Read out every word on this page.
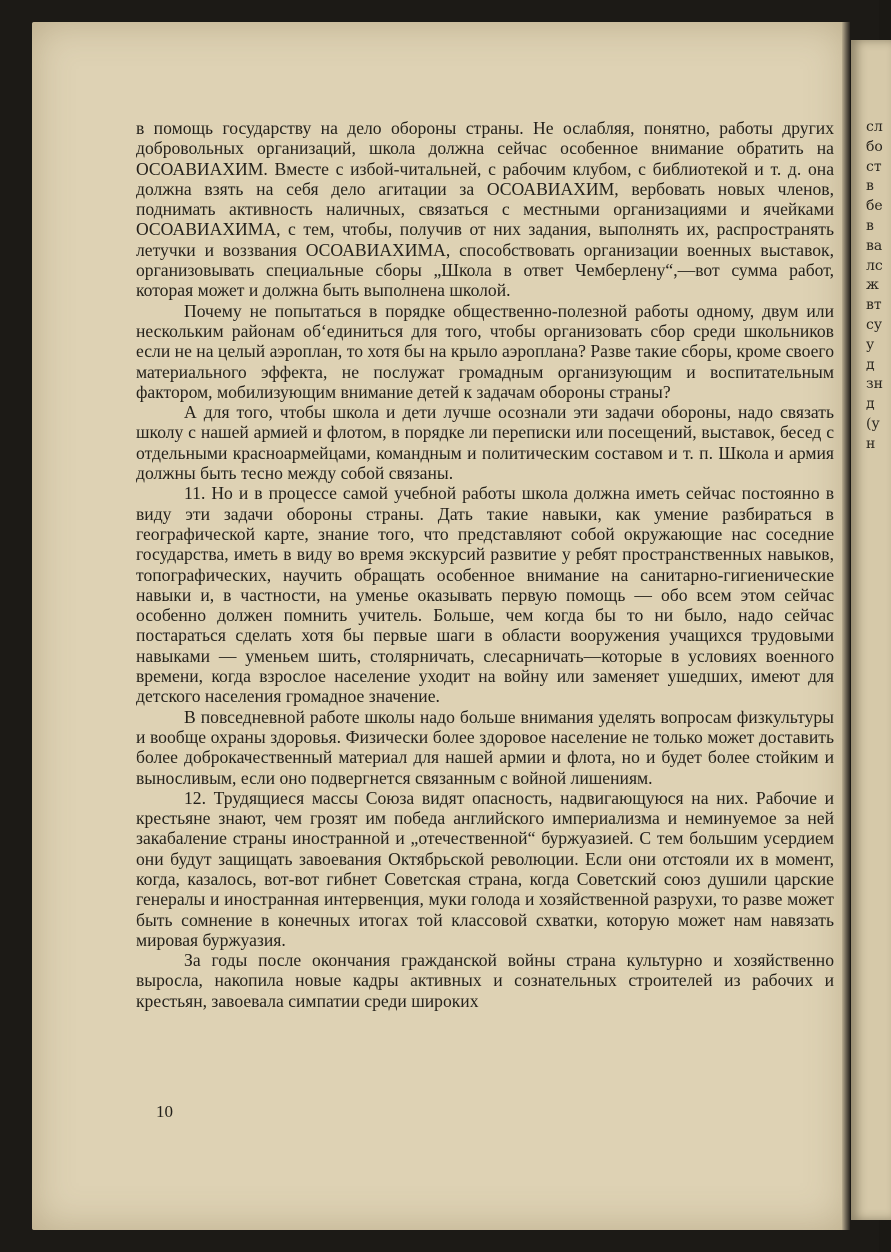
сл
бо
ст
в
бе
в
ва
лс
ж
вт
су
у
д
зн
д
(у
н

в помощь государству на дело обороны страны. Не ослабляя, понятно, работы других добровольных организаций, школа должна сейчас особенное внимание обратить на ОСОАВИАХИМ. Вместе с избой-читальней, с рабочим клубом, с библиотекой и т. д. она должна взять на себя дело агитации за ОСОАВИАХИМ, вербовать новых членов, поднимать активность наличных, связаться с местными организациями и ячейками ОСОАВИАХИМА, с тем, чтобы, получив от них задания, выполнять их, распространять летучки и воззвания ОСОАВИАХИМА, способствовать организации военных выставок, организовывать специальные сборы „Школа в ответ Чемберлену“,—вот сумма работ, которая может и должна быть выполнена школой.

Почему не попытаться в порядке общественно-полезной работы одному, двум или нескольким районам об‘единиться для того, чтобы организовать сбор среди школьников если не на целый аэроплан, то хотя бы на крыло аэроплана? Разве такие сборы, кроме своего материального эффекта, не послужат громадным организующим и воспитательным фактором, мобилизующим внимание детей к задачам обороны страны?

А для того, чтобы школа и дети лучше осознали эти задачи обороны, надо связать школу с нашей армией и флотом, в порядке ли переписки или посещений, выставок, бесед с отдельными красноармейцами, командным и политическим составом и т. п. Школа и армия должны быть тесно между собой связаны.

11. Но и в процессе самой учебной работы школа должна иметь сейчас постоянно в виду эти задачи обороны страны. Дать такие навыки, как умение разбираться в географической карте, знание того, что представляют собой окружающие нас соседние государства, иметь в виду во время экскурсий развитие у ребят пространственных навыков, топографических, научить обращать особенное внимание на санитарно-гигиенические навыки и, в частности, на уменье оказывать первую помощь — обо всем этом сейчас особенно должен помнить учитель. Больше, чем когда бы то ни было, надо сейчас постараться сделать хотя бы первые шаги в области вооружения учащихся трудовыми навыками — уменьем шить, столярничать, слесарничать—которые в условиях военного времени, когда взрослое население уходит на войну или заменяет ушедших, имеют для детского населения громадное значение.

В повседневной работе школы надо больше внимания уделять вопросам физкультуры и вообще охраны здоровья. Физически более здоровое население не только может доставить более доброкачественный материал для нашей армии и флота, но и будет более стойким и выносливым, если оно подвергнется связанным с войной лишениям.

12. Трудящиеся массы Союза видят опасность, надвигающуюся на них. Рабочие и крестьяне знают, чем грозят им победа английского империализма и неминуемое за ней закабаление страны иностранной и „отечественной“ буржуазией. С тем большим усердием они будут защищать завоевания Октябрьской революции. Если они отстояли их в момент, когда, казалось, вот-вот гибнет Советская страна, когда Советский союз душили царские генералы и иностранная интервенция, муки голода и хозяйственной разрухи, то разве может быть сомнение в конечных итогах той классовой схватки, которую может нам навязать мировая буржуазия.

За годы после окончания гражданской войны страна культурно и хозяйственно выросла, накопила новые кадры активных и сознательных строителей из рабочих и крестьян, завоевала симпатии среди широких

10
